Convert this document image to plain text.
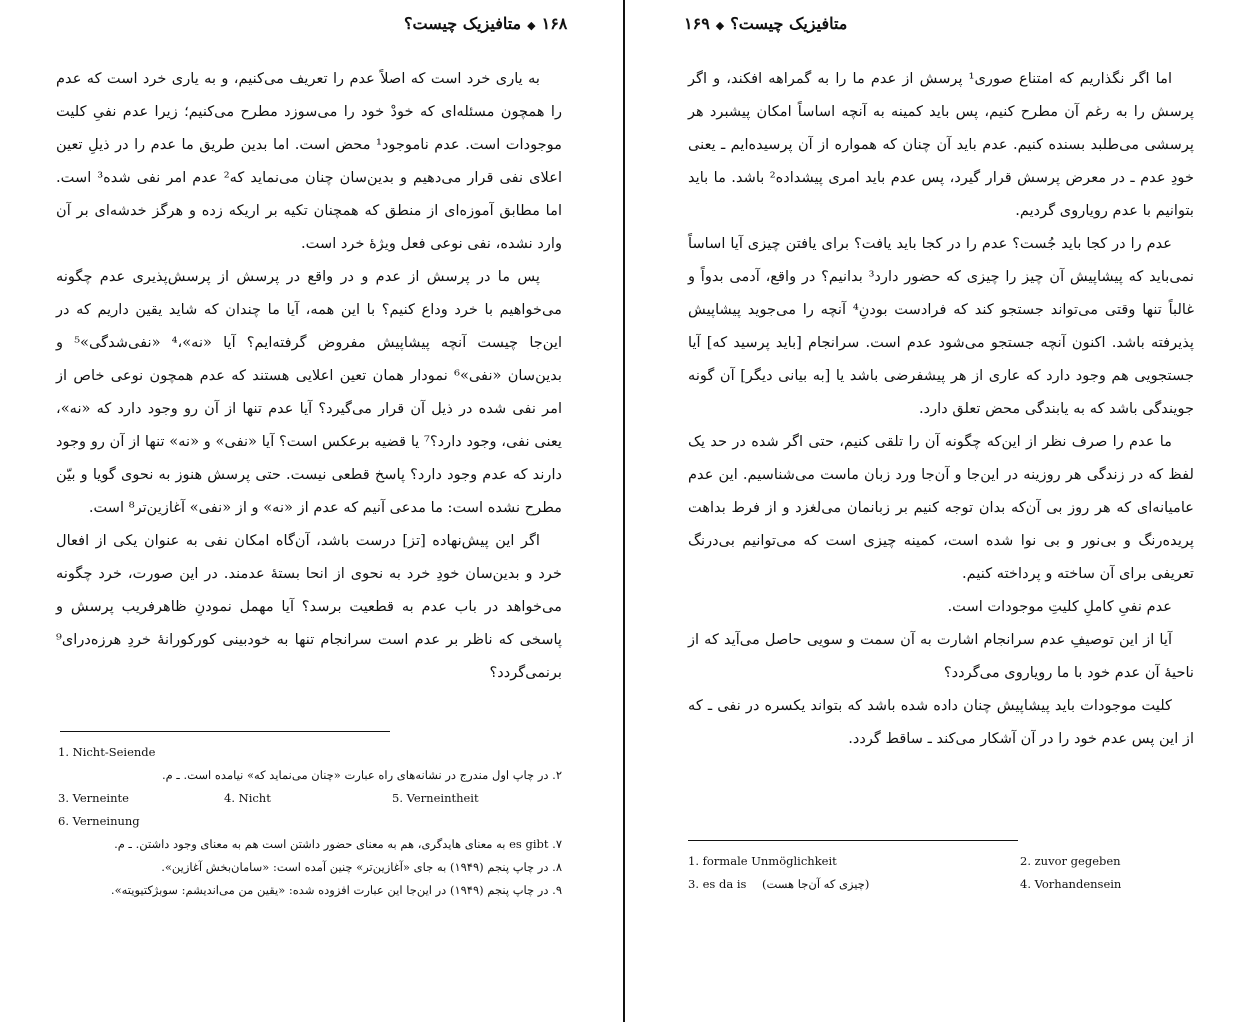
۱۶۸◆متافیزیک چیست؟

به یاری خرد است که اصلاً عدم را تعریف می‌کنیم، و به یاری خرد است که عدم را همچون مسئله‌ای که خودْ خود را می‌سوزد مطرح می‌کنیم؛ زیرا عدم نفیِ کلیت موجودات است. عدم ناموجود¹ محض است. اما بدین طریق ما عدم را در ذیلِ تعین اعلای نفی قرار می‌دهیم و بدین‌سان چنان می‌نماید که² عدم امر نفی شده³ است. اما مطابق آموزه‌ای از منطق که همچنان تکیه بر اریکه زده و هرگز خدشه‌ای بر آن وارد نشده، نفی نوعی فعل ویژهٔ خرد است.

پس ما در پرسش از عدم و در واقع در پرسش از پرسش‌پذیری عدم چگونه می‌خواهیم با خرد وداع کنیم؟ با این همه، آیا ما چندان که شاید یقین داریم که در این‌جا چیست آنچه پیشاپیش مفروض گرفته‌ایم؟ آیا «نه»،⁴ «نفی‌شدگی»⁵ و بدین‌سان «نفی»⁶ نمودار همان تعین اعلایی هستند که عدم همچون نوعی خاص از امر نفی شده در ذیل آن قرار می‌گیرد؟ آیا عدم تنها از آن رو وجود دارد که «نه»، یعنی نفی، وجود دارد؟⁷ یا قضیه برعکس است؟ آیا «نفی» و «نه» تنها از آن رو وجود دارند که عدم وجود دارد؟ پاسخ قطعی نیست. حتی پرسش هنوز به نحوی گویا و بیّن مطرح نشده است: ما مدعی آنیم که عدم از «نه» و از «نفی» آغازین‌تر⁸ است.

اگر این پیش‌نهاده [تز] درست باشد، آن‌گاه امکان نفی به عنوان یکی از افعال خرد و بدین‌سان خودِ خرد به نحوی از انحا بستهٔ عدمند. در این صورت، خرد چگونه می‌خواهد در باب عدم به قطعیت برسد؟ آیا مهمل نمودنِ ظاهرفریب پرسش و پاسخی که ناظر بر عدم است سرانجام تنها به خودبینی کورکورانهٔ خردِ هرزه‌درای⁹ برنمی‌گردد؟

1. Nicht-Seiende
۲. در چاپ اول مندرج در نشانه‌های راه عبارت «چنان می‌نماید که» نیامده است. ـ م.
3. Verneinte	4. Nicht	5. Verneintheit
6. Verneinung
۷. es gibt به معنای هایدگری، هم به معنای حضور داشتن است هم به معنای وجود داشتن. ـ م.
۸. در چاپ پنجم (۱۹۴۹) به جای «آغازین‌تر» چنین آمده است: «سامان‌بخش آغازین».
۹. در چاپ پنجم (۱۹۴۹) در این‌جا این عبارت افزوده شده: «یقین من می‌اندیشم: سوبژکتیویته».
متافیزیک چیست؟◆۱۶۹

اما اگر نگذاریم که امتناع صوری¹ پرسش از عدم ما را به گمراهه افکند، و اگر پرسش را به رغم آن مطرح کنیم، پس باید کمینه به آنچه اساساً امکان پیشبرد هر پرسشی می‌طلبد بسنده کنیم. عدم باید آن چنان که همواره از آن پرسیده‌ایم ـ یعنی خودِ عدم ـ در معرض پرسش قرار گیرد، پس عدم باید امری پیشداده² باشد. ما باید بتوانیم با عدم رویاروی گردیم.

عدم را در کجا باید جُست؟ عدم را در کجا باید یافت؟ برای یافتن چیزی آیا اساساً نمی‌باید که پیشاپیش آن چیز را چیزی که حضور دارد³ بدانیم؟ در واقع، آدمی بدواً و غالباً تنها وقتی می‌تواند جستجو کند که فرادست بودنِ⁴ آنچه را می‌جوید پیشاپیش پذیرفته باشد. اکنون آنچه جستجو می‌شود عدم است. سرانجام [باید پرسید که] آیا جستجویی هم وجود دارد که عاری از هر پیشفرضی باشد یا [به بیانی دیگر] آن گونه جویندگی باشد که به یابندگی محض تعلق دارد.

ما عدم را صرف نظر از این‌که چگونه آن را تلقی کنیم، حتی اگر شده در حد یک لفظ که در زندگی هر روزینه در این‌جا و آن‌جا ورد زبان ماست می‌شناسیم. این عدم عامیانه‌ای که هر روز بی آن‌که بدان توجه کنیم بر زبانمان می‌لغزد و از فرط بداهت پریده‌رنگ و بی‌نور و بی نوا شده است، کمینه چیزی است که می‌توانیم بی‌درنگ تعریفی برای آن ساخته و پرداخته کنیم.

عدم نفیِ کاملِ کلیتِ موجودات است.

آیا از این توصیفِ عدم سرانجام اشارت به آن سمت و سویی حاصل می‌آید که از ناحیهٔ آن عدم خود با ما رویاروی می‌گردد؟

کلیت موجودات باید پیشاپیش چنان داده شده باشد که بتواند یکسره در نفی ـ که از این پس عدم خود را در آن آشکار می‌کند ـ ساقط گردد.

1. formale Unmöglichkeit	2. zuvor gegeben
3. es da is (چیزی که آن‌جا هست)	4. Vorhandensein
